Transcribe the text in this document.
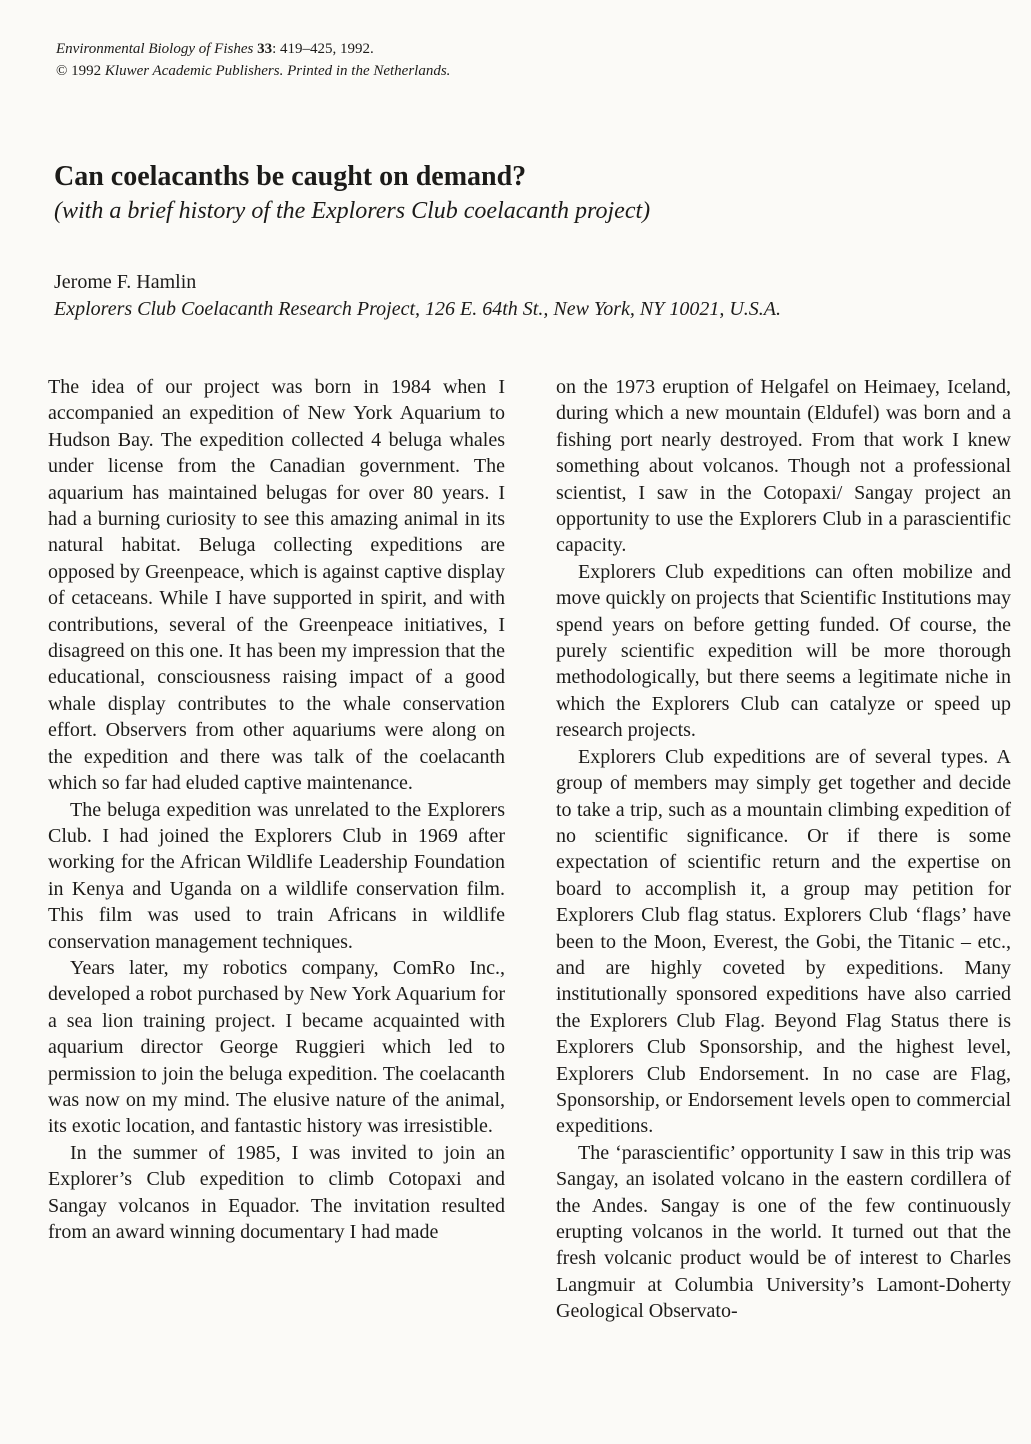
Environmental Biology of Fishes 33: 419–425, 1992.
© 1992 Kluwer Academic Publishers. Printed in the Netherlands.
Can coelacanths be caught on demand?
(with a brief history of the Explorers Club coelacanth project)
Jerome F. Hamlin
Explorers Club Coelacanth Research Project, 126 E. 64th St., New York, NY 10021, U.S.A.

The idea of our project was born in 1984 when I accompanied an expedition of New York Aquarium to Hudson Bay. The expedition collected 4 beluga whales under license from the Canadian government. The aquarium has maintained belugas for over 80 years. I had a burning curiosity to see this amazing animal in its natural habitat. Beluga collecting expeditions are opposed by Greenpeace, which is against captive display of cetaceans. While I have supported in spirit, and with contributions, several of the Greenpeace initiatives, I disagreed on this one. It has been my impression that the educational, consciousness raising impact of a good whale display contributes to the whale conservation effort. Observers from other aquariums were along on the expedition and there was talk of the coelacanth which so far had eluded captive maintenance.

The beluga expedition was unrelated to the Explorers Club. I had joined the Explorers Club in 1969 after working for the African Wildlife Leadership Foundation in Kenya and Uganda on a wildlife conservation film. This film was used to train Africans in wildlife conservation management techniques.

Years later, my robotics company, ComRo Inc., developed a robot purchased by New York Aquarium for a sea lion training project. I became acquainted with aquarium director George Ruggieri which led to permission to join the beluga expedition. The coelacanth was now on my mind. The elusive nature of the animal, its exotic location, and fantastic history was irresistible.

In the summer of 1985, I was invited to join an Explorer’s Club expedition to climb Cotopaxi and Sangay volcanos in Equador. The invitation resulted from an award winning documentary I had made

on the 1973 eruption of Helgafel on Heimaey, Iceland, during which a new mountain (Eldufel) was born and a fishing port nearly destroyed. From that work I knew something about volcanos. Though not a professional scientist, I saw in the Cotopaxi/ Sangay project an opportunity to use the Explorers Club in a parascientific capacity.

Explorers Club expeditions can often mobilize and move quickly on projects that Scientific Institutions may spend years on before getting funded. Of course, the purely scientific expedition will be more thorough methodologically, but there seems a legitimate niche in which the Explorers Club can catalyze or speed up research projects.

Explorers Club expeditions are of several types. A group of members may simply get together and decide to take a trip, such as a mountain climbing expedition of no scientific significance. Or if there is some expectation of scientific return and the expertise on board to accomplish it, a group may petition for Explorers Club flag status. Explorers Club ‘flags’ have been to the Moon, Everest, the Gobi, the Titanic – etc., and are highly coveted by expeditions. Many institutionally sponsored expeditions have also carried the Explorers Club Flag. Beyond Flag Status there is Explorers Club Sponsorship, and the highest level, Explorers Club Endorsement. In no case are Flag, Sponsorship, or Endorsement levels open to commercial expeditions.

The ‘parascientific’ opportunity I saw in this trip was Sangay, an isolated volcano in the eastern cordillera of the Andes. Sangay is one of the few continuously erupting volcanos in the world. It turned out that the fresh volcanic product would be of interest to Charles Langmuir at Columbia University’s Lamont-Doherty Geological Observato-
